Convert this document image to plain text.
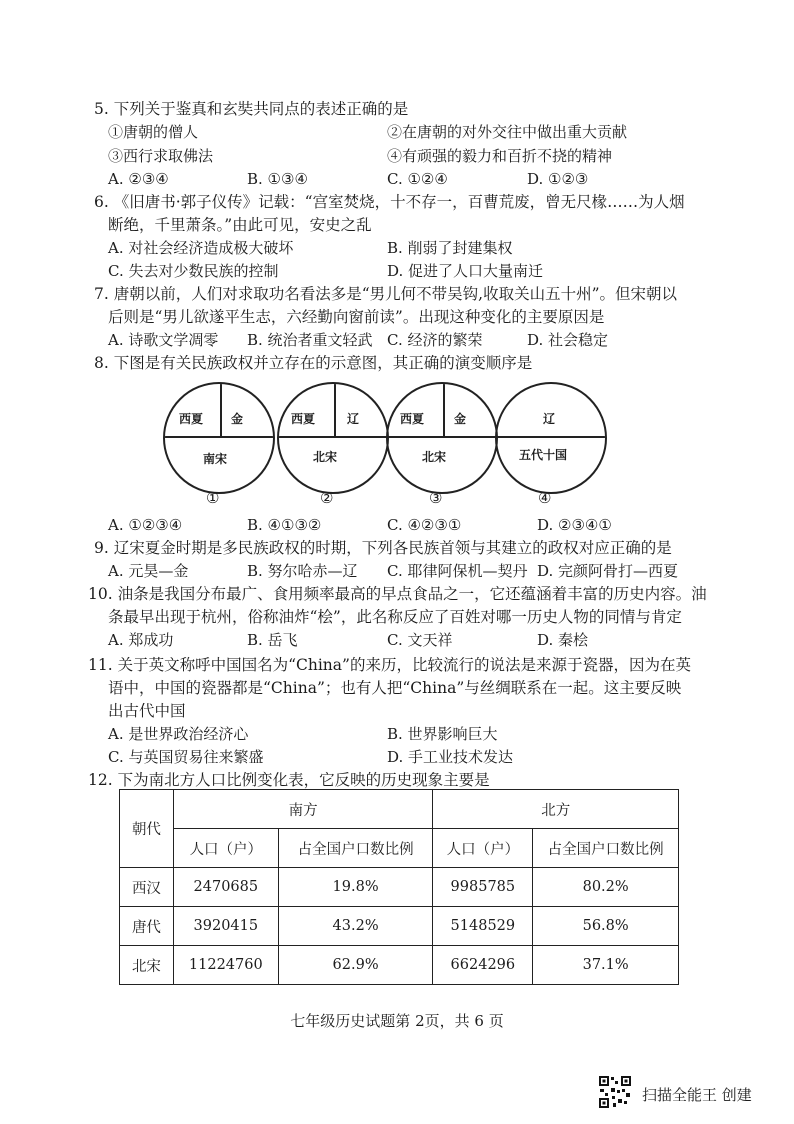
5. 下列关于鉴真和玄奘共同点的表述正确的是
①唐朝的僧人	②在唐朝的对外交往中做出重大贡献
③西行求取佛法	④有顽强的毅力和百折不挠的精神
A. ②③④	B. ①③④	C. ①②④	D. ①②③
6. 《旧唐书·郭子仪传》记载：“宫室焚烧，十不存一，百曹荒废，曾无尺椽……为人烟
断绝，千里萧条。”由此可见，安史之乱
A. 对社会经济造成极大破坏	B. 削弱了封建集权
C. 失去对少数民族的控制	D. 促进了人口大量南迁
7. 唐朝以前，人们对求取功名看法多是“男儿何不带吴钩,收取关山五十州”。但宋朝以
后则是“男儿欲遂平生志，六经勤向窗前读”。出现这种变化的主要原因是
A. 诗歌文学凋零 B. 统治者重文轻武 C. 经济的繁荣	D. 社会稳定
8. 下图是有关民族政权并立存在的示意图，其正确的演变顺序是
西夏 金
南宋
①
西夏	辽
北宋
②
西夏 金
北宋
③
辽
五代十国
④
A. ①②③④	B. ④①③②	C. ④②③①	D. ②③④①
9. 辽宋夏金时期是多民族政权的时期，下列各民族首领与其建立的政权对应正确的是
A. 元昊—金	B. 努尔哈赤—辽 C. 耶律阿保机—契丹 D. 完颜阿骨打—西夏
10. 油条是我国分布最广、食用频率最高的早点食品之一，它还蕴涵着丰富的历史内容。油
条最早出现于杭州，俗称油炸“桧”，此名称反应了百姓对哪一历史人物的同情与肯定
A. 郑成功	B. 岳飞	C. 文天祥	D. 秦桧
11. 关于英文称呼中国国名为“China”的来历，比较流行的说法是来源于瓷器，因为在英
语中，中国的瓷器都是“China”；也有人把“China”与丝绸联系在一起。这主要反映
出古代中国
A. 是世界政治经济心	B. 世界影响巨大
C. 与英国贸易往来繁盛	D. 手工业技术发达
12. 下为南北方人口比例变化表，它反映的历史现象主要是
朝代	南方		北方	
	人口（户）	占全国户口数比例	人口（户）	占全国户口数比例
西汉	2470685	19.8%	9985785	80.2%
唐代	3920415	43.2%	5148529	56.8%
北宋	11224760	62.9%	6624296	37.1%
七年级历史试题第 2页，共 6 页
扫描全能王 创建
